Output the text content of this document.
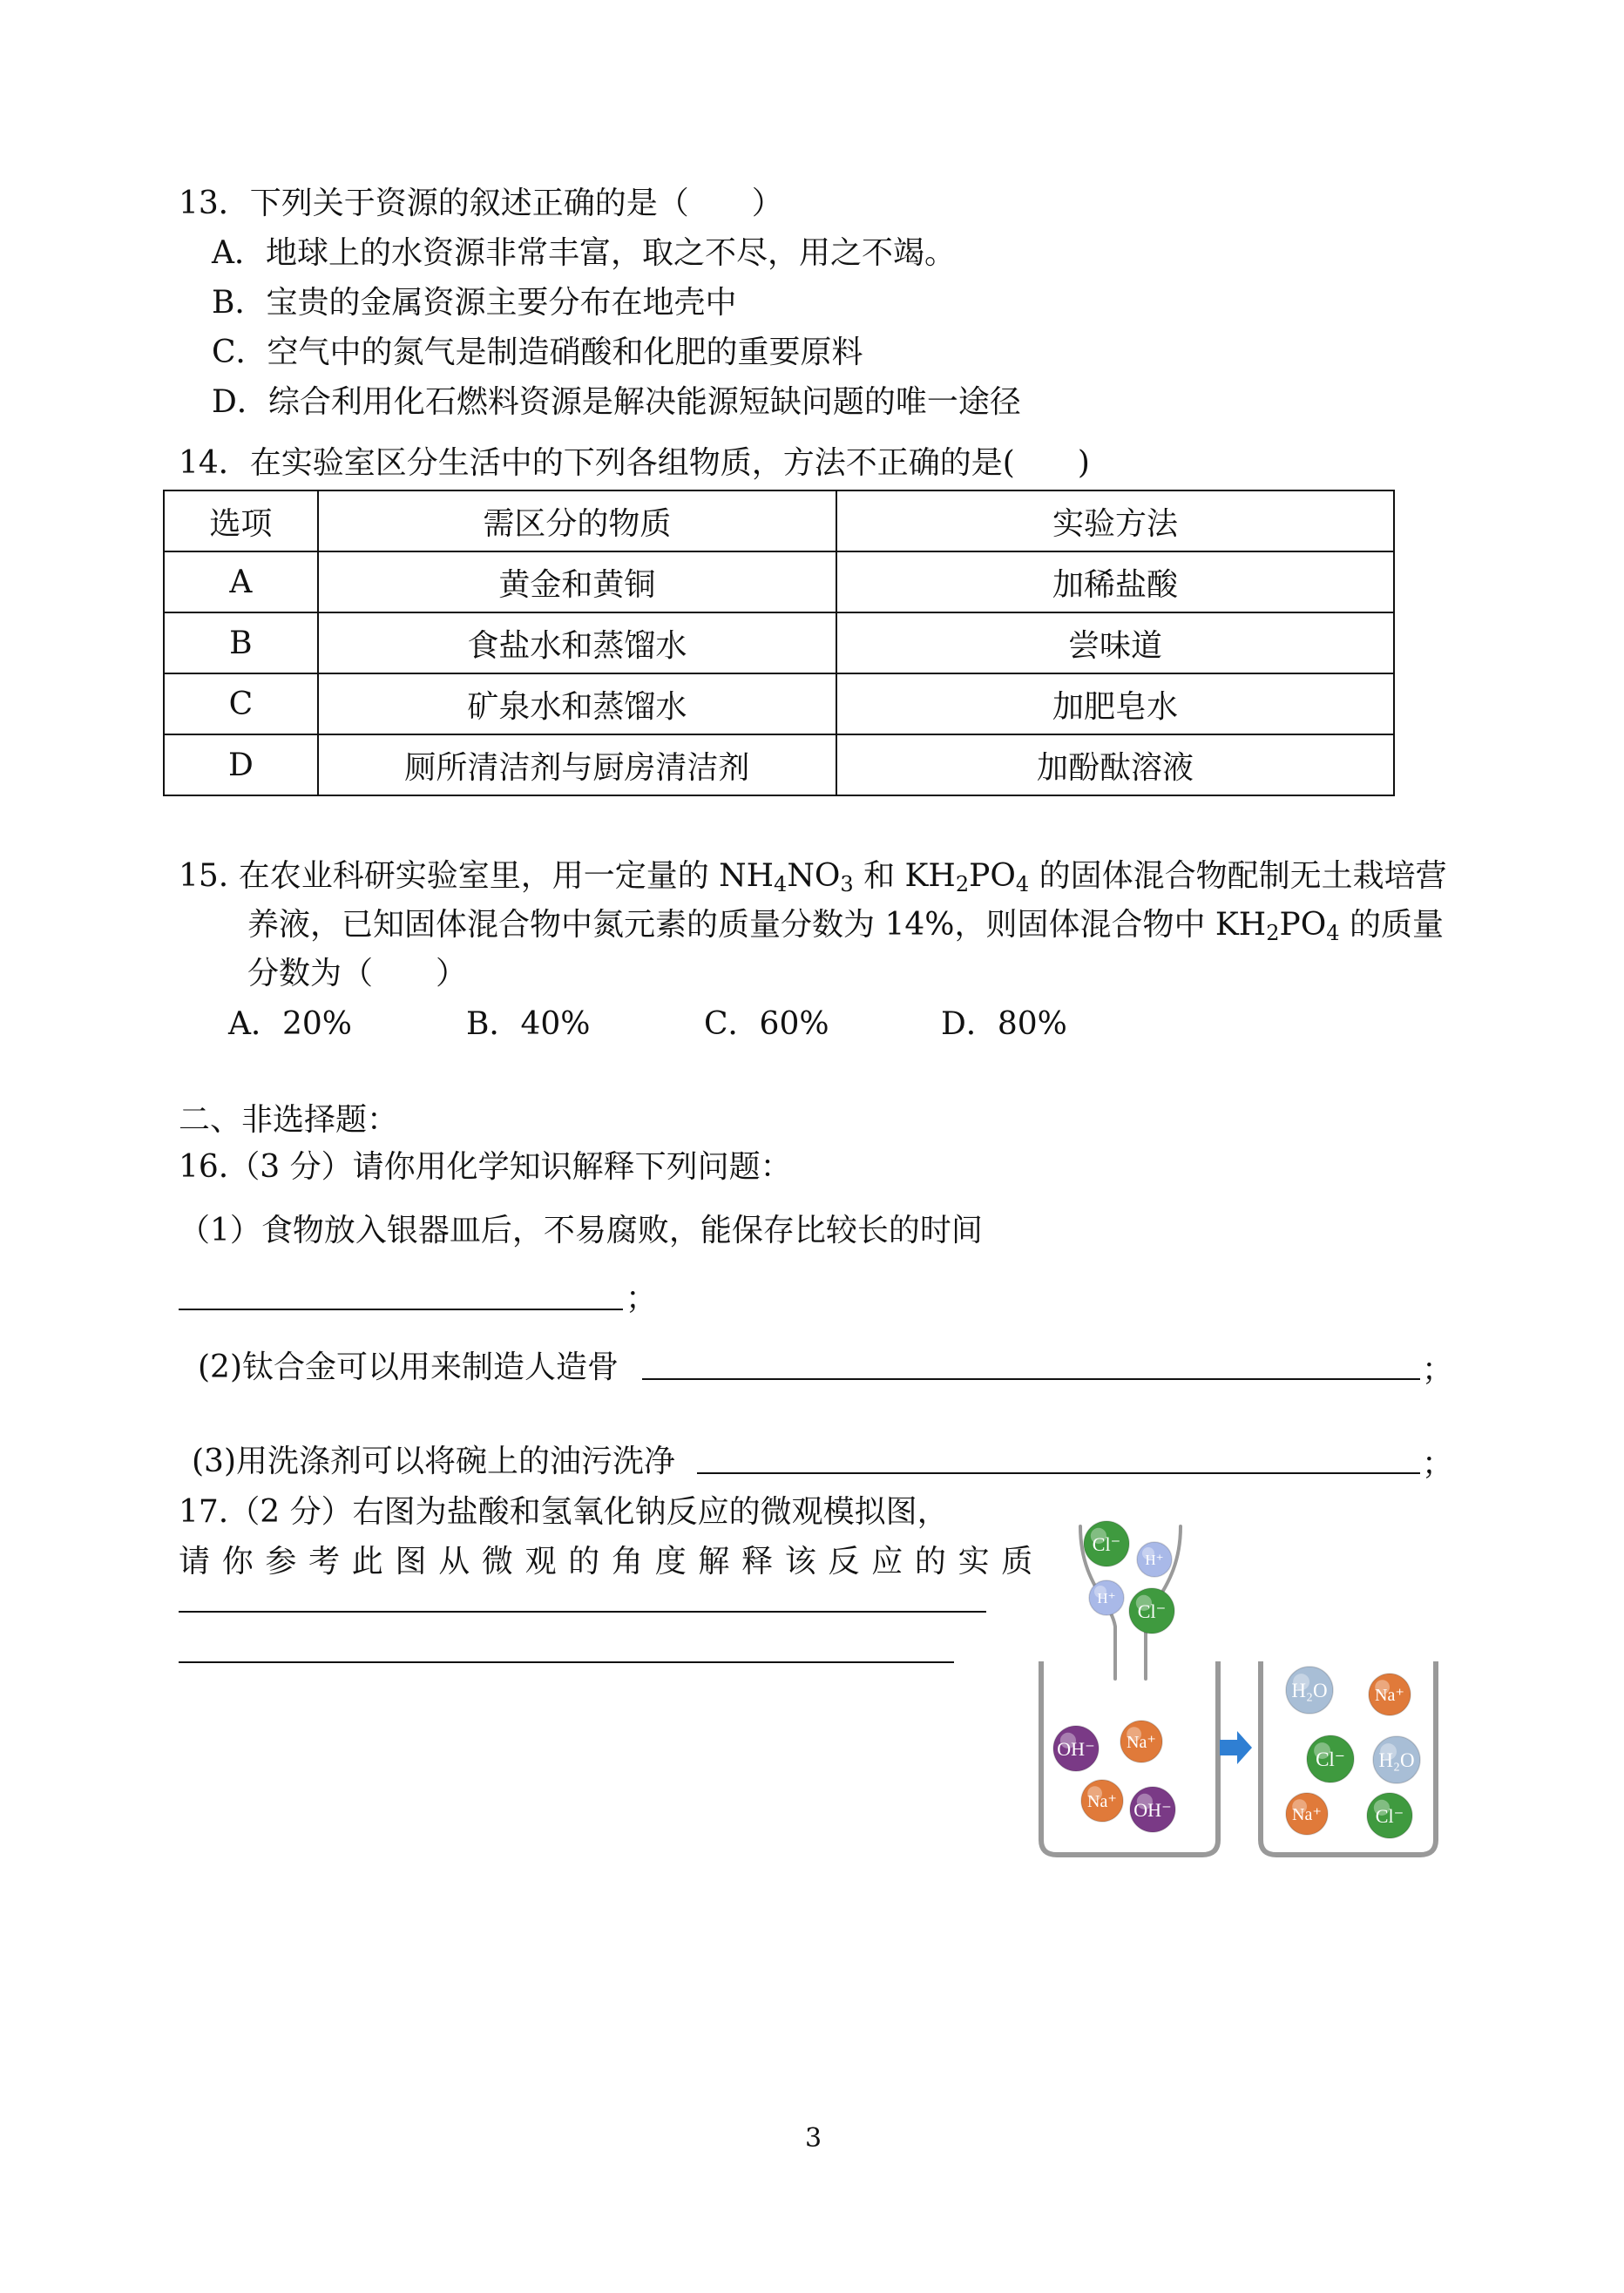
13．下列关于资源的叙述正确的是（　　）
A．地球上的水资源非常丰富，取之不尽，用之不竭。
B．宝贵的金属资源主要分布在地壳中
C．空气中的氮气是制造硝酸和化肥的重要原料
D．综合利用化石燃料资源是解决能源短缺问题的唯一途径
14．在实验室区分生活中的下列各组物质，方法不正确的是(　　)
选项	需区分的物质	实验方法
A	黄金和黄铜	加稀盐酸
B	食盐水和蒸馏水	尝味道
C	矿泉水和蒸馏水	加肥皂水
D	厕所清洁剂与厨房清洁剂	加酚酞溶液
15. 在农业科研实验室里，用一定量的 $NH_4NO_3$ 和 $KH_2PO_4$ 的固体混合物配制无土栽培营
养液，已知固体混合物中氮元素的质量分数为 14%，则固体混合物中 $KH_2PO_4$ 的质量
分数为（　　）
A．20%	B．40%	C．60%	D．80%
二、非选择题：
16.（3 分）请你用化学知识解释下列问题：
（1）食物放入银器皿后，不易腐败，能保存比较长的时间
；
(2)钛合金可以用来制造人造骨	；
(3)用洗涤剂可以将碗上的油污洗净	；
17.（2 分）右图为盐酸和氢氧化钠反应的微观模拟图，
请你参考此图从微观的角度解释该反应的实质 Cl⁻
H⁺
H⁺
Cl⁻
OH⁻ Na⁺
Na⁺ OH⁻
H₂O	Na⁺
Cl⁻ H₂O
Na⁺	Cl⁻
3
